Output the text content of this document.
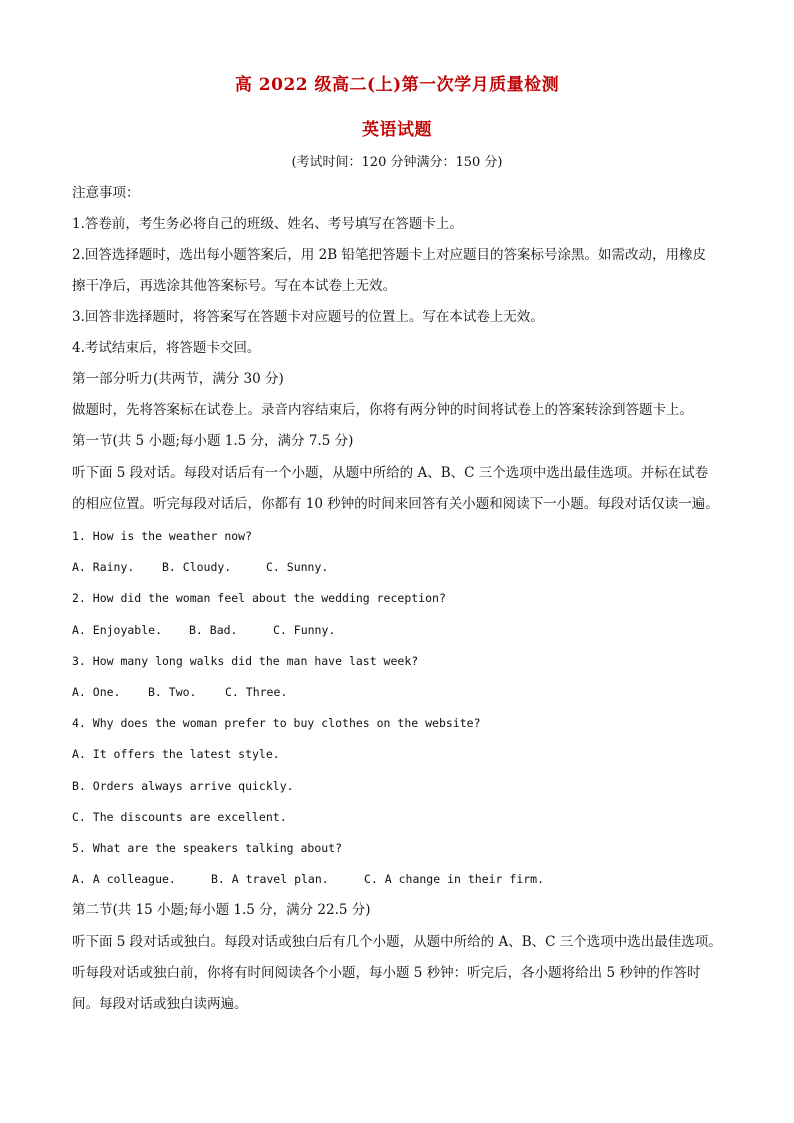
高 2022 级高二(上)第一次学月质量检测
英语试题
(考试时间：120 分钟满分：150 分)
注意事项：
1.答卷前，考生务必将自己的班级、姓名、考号填写在答题卡上。
2.回答选择题时，选出每小题答案后，用 2B 铅笔把答题卡上对应题目的答案标号涂黑。如需改动，用橡皮
擦干净后，再选涂其他答案标号。写在本试卷上无效。
3.回答非选择题时，将答案写在答题卡对应题号的位置上。写在本试卷上无效。
4.考试结束后，将答题卡交回。
第一部分听力(共两节，满分 30 分)
做题时，先将答案标在试卷上。录音内容结束后，你将有两分钟的时间将试卷上的答案转涂到答题卡上。
第一节(共 5 小题;每小题 1.5 分，满分 7.5 分)
听下面 5 段对话。每段对话后有一个小题，从题中所给的 A、B、C 三个选项中选出最佳选项。并标在试卷
的相应位置。听完每段对话后，你都有 10 秒钟的时间来回答有关小题和阅读下一小题。每段对话仅读一遍。
1. How is the weather now?
A. Rainy. B. Cloudy.	C. Sunny.
2. How did the woman feel about the wedding reception?
A. Enjoyable. B. Bad.	C. Funny.
3. How many long walks did the man have last week?
A. One. B. Two. C. Three.
4. Why does the woman prefer to buy clothes on the website?
A. It offers the latest style.
B. Orders always arrive quickly.
C. The discounts are excellent.
5. What are the speakers talking about?
A. A colleague.	B. A travel plan.	C. A change in their firm.
第二节(共 15 小题;每小题 1.5 分，满分 22.5 分)
听下面 5 段对话或独白。每段对话或独白后有几个小题，从题中所给的 A、B、C 三个选项中选出最佳选项。
听每段对话或独白前，你将有时间阅读各个小题，每小题 5 秒钟：听完后，各小题将给出 5 秒钟的作答时
间。每段对话或独白读两遍。
